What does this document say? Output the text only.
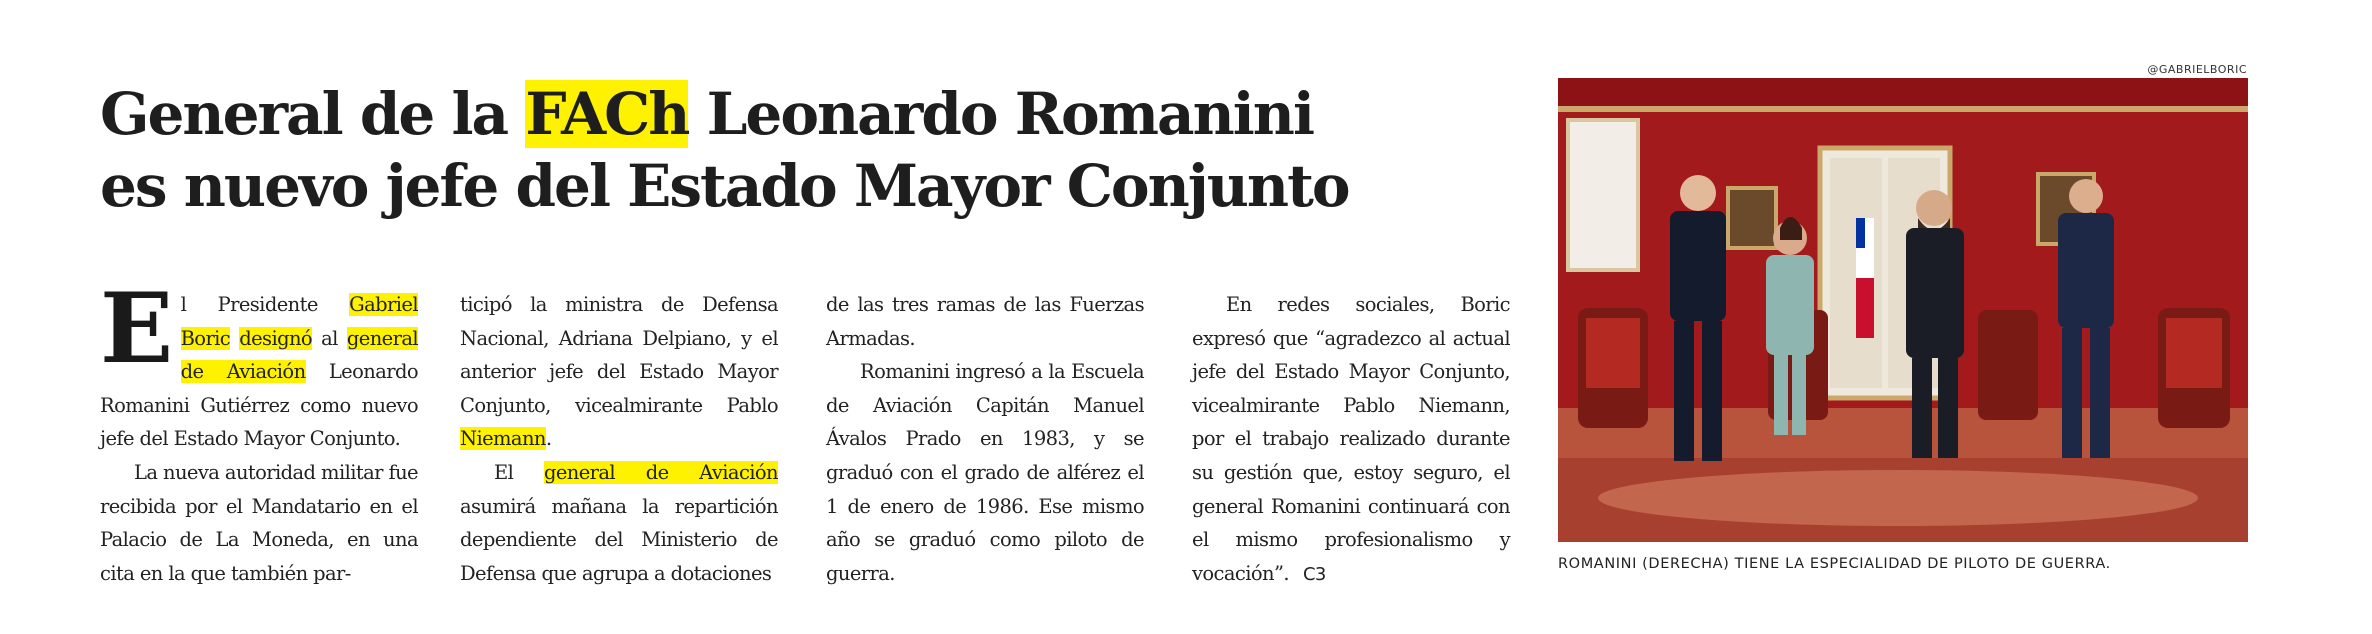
General de la FACh Leonardo Romanini
es nuevo jefe del Estado Mayor Conjunto

El Presidente Gabriel Boric designó al general de Aviación Leonardo Romanini Gutiérrez como nuevo jefe del Estado Mayor Conjunto.

La nueva autoridad militar fue recibida por el Mandatario en el Palacio de La Moneda, en una cita en la que también par-

ticipó la ministra de Defensa Nacional, Adriana Delpiano, y el anterior jefe del Estado Mayor Conjunto, vicealmirante Pablo Niemann.

El general de Aviación asumirá mañana la repartición dependiente del Ministerio de Defensa que agrupa a dotaciones

de las tres ramas de las Fuerzas Armadas.

Romanini ingresó a la Escuela de Aviación Capitán Manuel Ávalos Prado en 1983, y se graduó con el grado de alférez el 1 de enero de 1986. Ese mismo año se graduó como piloto de guerra.

En redes sociales, Boric expresó que “agradezco al actual jefe del Estado Mayor Conjunto, vicealmirante Pablo Niemann, por el trabajo realizado durante su gestión que, estoy seguro, el general Romanini continuará con el mismo profesionalismo y vocación”. C3

@GABRIELBORIC
ROMANINI (DERECHA) TIENE LA ESPECIALIDAD DE PILOTO DE GUERRA.
